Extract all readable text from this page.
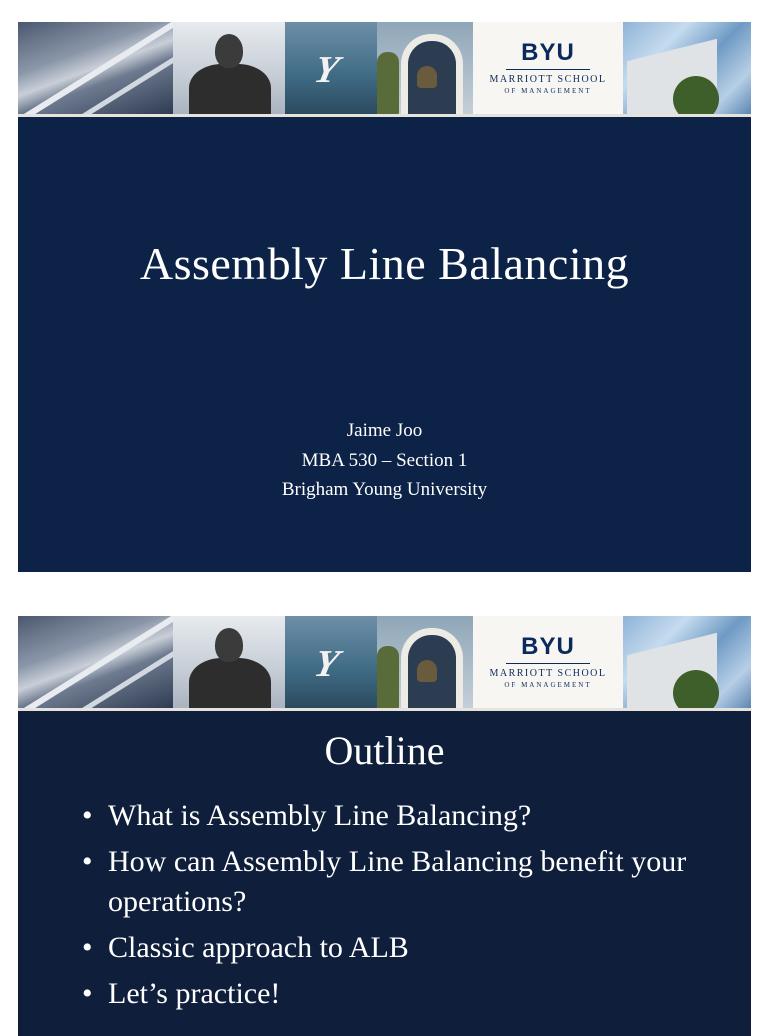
Y	BYU
MARRIOTT SCHOOL
OF MANAGEMENT
Assembly Line Balancing
Jaime Joo
MBA 530 – Section 1
Brigham Young University
Y	BYU
MARRIOTT SCHOOL
OF MANAGEMENT
Outline
• What is Assembly Line Balancing?
• How can Assembly Line Balancing benefit your operations?
• Classic approach to ALB
• Let’s practice!
